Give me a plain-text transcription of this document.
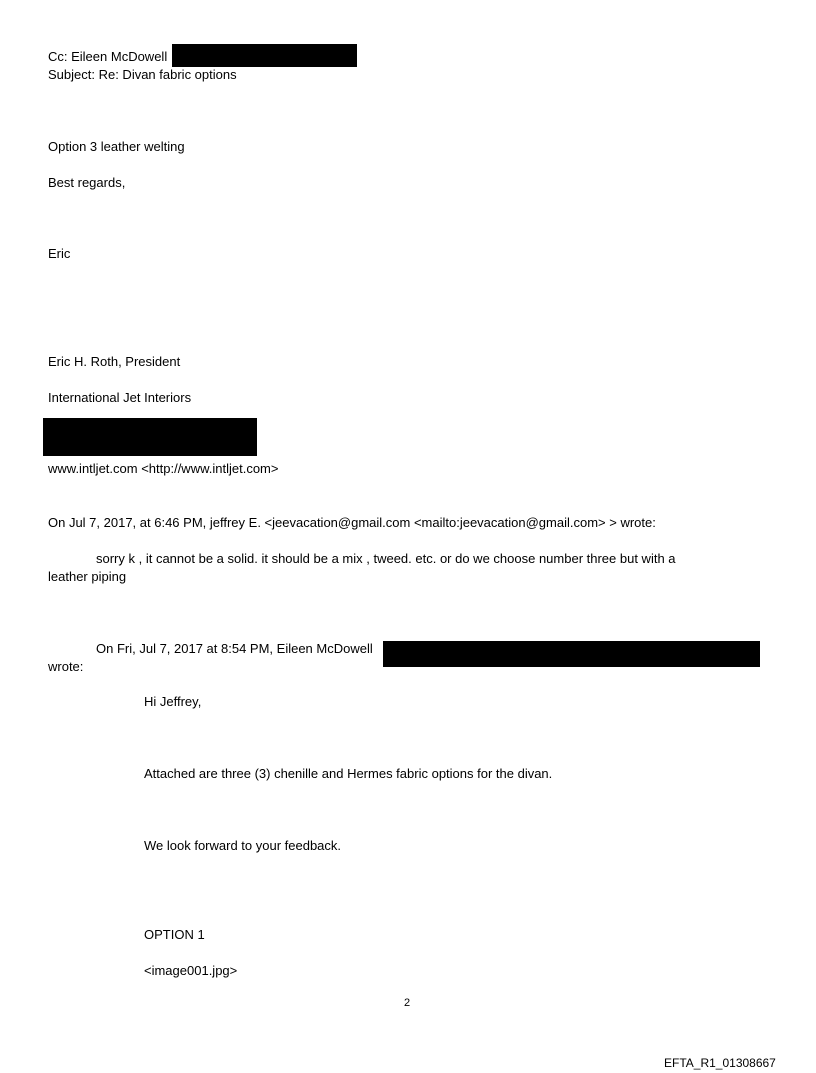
Cc: Eileen McDowell
Subject: Re: Divan fabric options
Option 3 leather welting
Best regards,
Eric
Eric H. Roth, President
International Jet Interiors
www.intljet.com <http://www.intljet.com>
On Jul 7, 2017, at 6:46 PM, jeffrey E. <jeevacation@gmail.com <mailto:jeevacation@gmail.com> > wrote:
sorry k , it cannot be a solid. it should be a mix , tweed. etc. or do we choose number three but with a
leather piping
On Fri, Jul 7, 2017 at 8:54 PM, Eileen McDowell
wrote:
Hi Jeffrey,
Attached are three (3) chenille and Hermes fabric options for the divan.
We look forward to your feedback.
OPTION 1
<image001.jpg>
2
EFTA_R1_01308667
